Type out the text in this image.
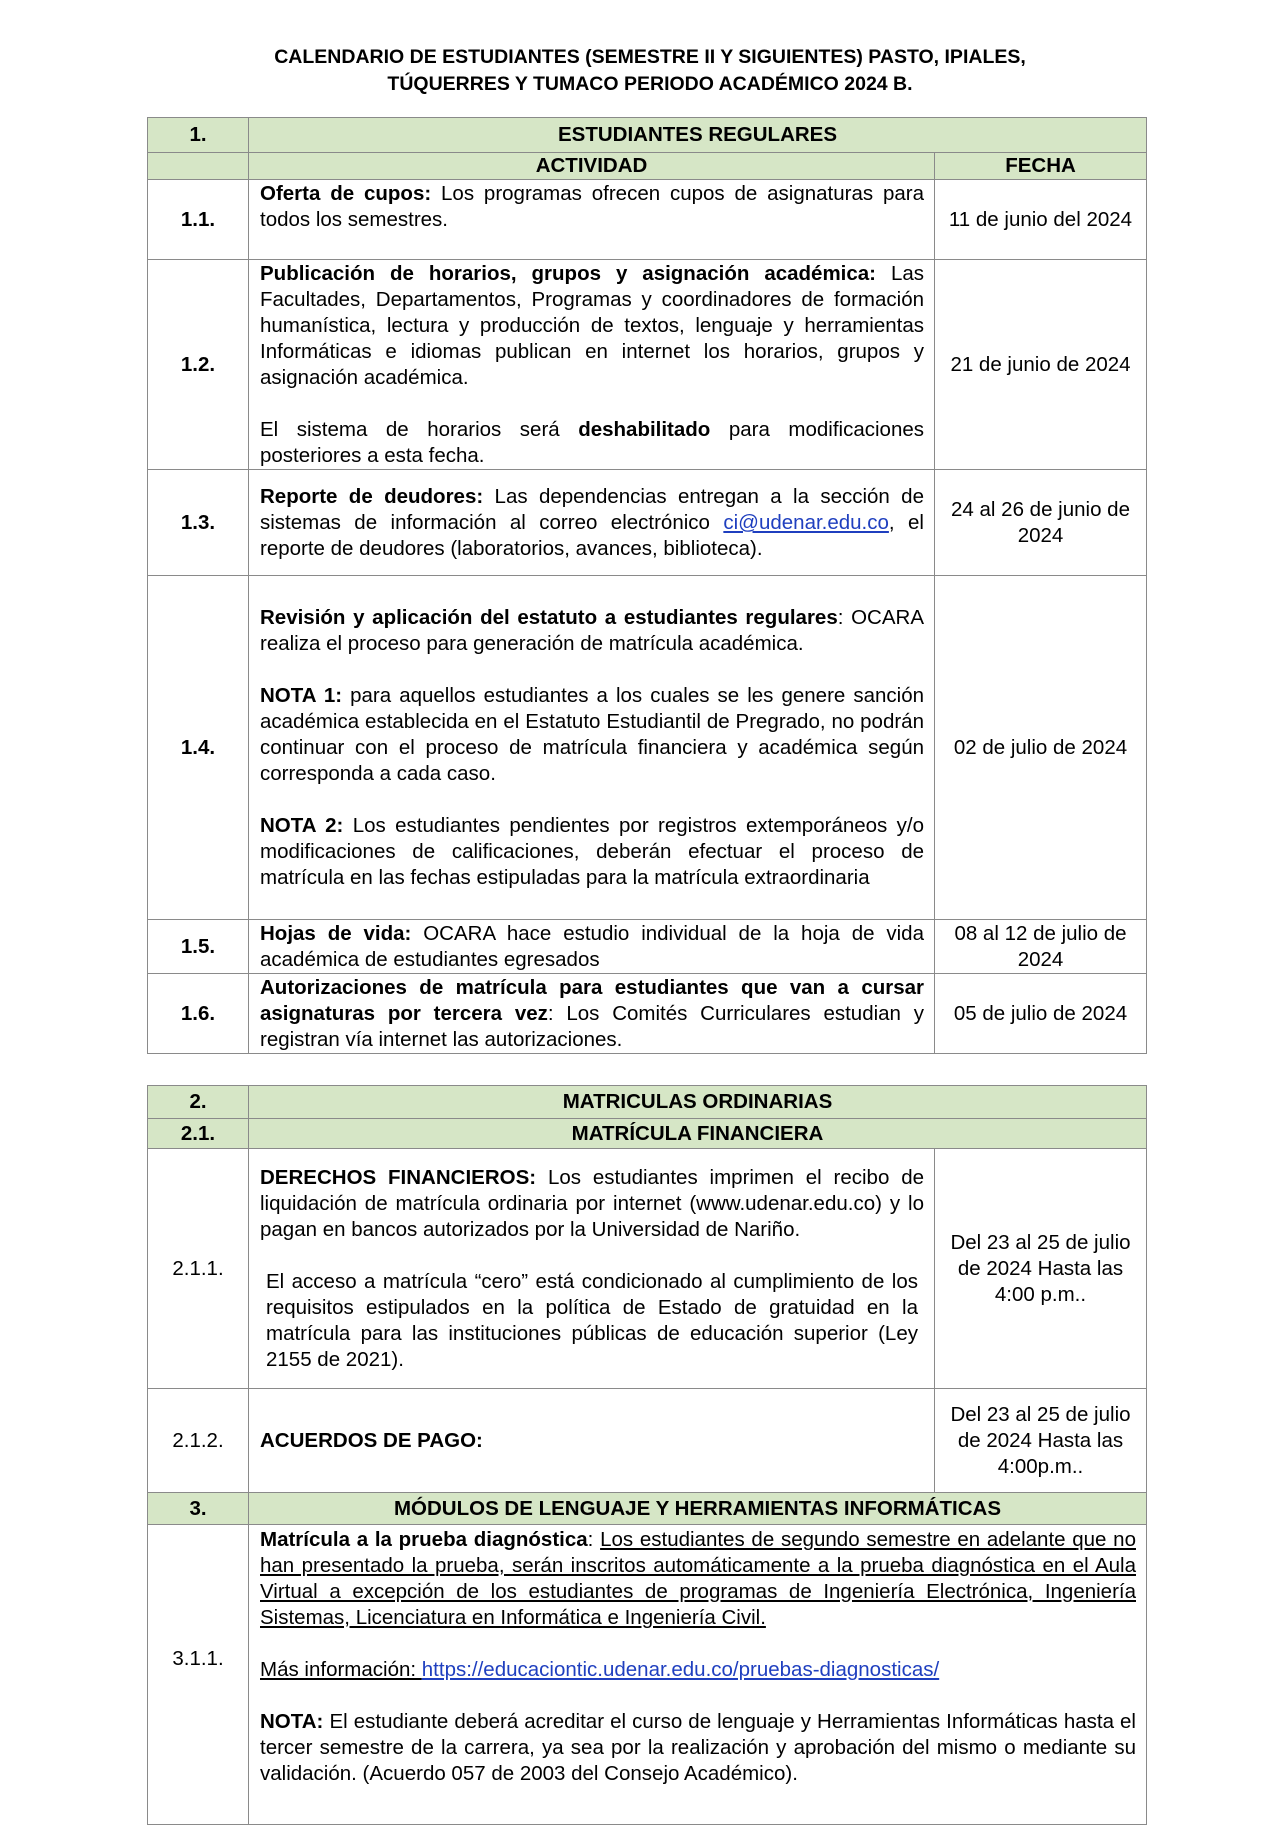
CALENDARIO DE ESTUDIANTES (SEMESTRE II Y SIGUIENTES) PASTO, IPIALES,
TÚQUERRES Y TUMACO PERIODO ACADÉMICO 2024 B.
1.	ESTUDIANTES REGULARES	
	ACTIVIDAD	FECHA
1.1.	Oferta de cupos: Los programas ofrecen cupos de asignaturas para todos los semestres.	11 de junio del 2024
1.2.	Publicación de horarios, grupos y asignación académica: Las Facultades, Departamentos, Programas y coordinadores de formación humanística, lectura y producción de textos, lenguaje y herramientas Informáticas e idiomas publican en internet los horarios, grupos y asignación académica.

El sistema de horarios será deshabilitado para modificaciones posteriores a esta fecha.	21 de junio de 2024
1.3.	Reporte de deudores: Las dependencias entregan a la sección de sistemas de información al correo electrónico ci@udenar.edu.co, el reporte de deudores (laboratorios, avances, biblioteca).	24 al 26 de junio de 2024
1.4.	Revisión y aplicación del estatuto a estudiantes regulares: OCARA realiza el proceso para generación de matrícula académica.

NOTA 1: para aquellos estudiantes a los cuales se les genere sanción académica establecida en el Estatuto Estudiantil de Pregrado, no podrán continuar con el proceso de matrícula financiera y académica según corresponda a cada caso.

NOTA 2: Los estudiantes pendientes por registros extemporáneos y/o modificaciones de calificaciones, deberán efectuar el proceso de matrícula en las fechas estipuladas para la matrícula extraordinaria	02 de julio de 2024
1.5.	Hojas de vida: OCARA hace estudio individual de la hoja de vida académica de estudiantes egresados	08 al 12 de julio de 2024
1.6.	Autorizaciones de matrícula para estudiantes que van a cursar asignaturas por tercera vez: Los Comités Curriculares estudian y registran vía internet las autorizaciones.	05 de julio de 2024
2.	MATRICULAS ORDINARIAS	
2.1.	MATRÍCULA FINANCIERA	
2.1.1.	DERECHOS FINANCIEROS: Los estudiantes imprimen el recibo de liquidación de matrícula ordinaria por internet (www.udenar.edu.co) y lo pagan en bancos autorizados por la Universidad de Nariño.

El acceso a matrícula “cero” está condicionado al cumplimiento de los requisitos estipulados en la política de Estado de gratuidad en la matrícula para las instituciones públicas de educación superior (Ley 2155 de 2021).	Del 23 al 25 de julio de 2024 Hasta las 4:00 p.m..
2.1.2.	ACUERDOS DE PAGO:	Del 23 al 25 de julio de 2024 Hasta las 4:00p.m..
3.	MÓDULOS DE LENGUAJE Y HERRAMIENTAS INFORMÁTICAS	
3.1.1.	Matrícula a la prueba diagnóstica: Los estudiantes de segundo semestre en adelante que no han presentado la prueba, serán inscritos automáticamente a la prueba diagnóstica en el Aula Virtual a excepción de los estudiantes de programas de Ingeniería Electrónica, Ingeniería Sistemas, Licenciatura en Informática e Ingeniería Civil.

Más información: https://educaciontic.udenar.edu.co/pruebas-diagnosticas/

NOTA: El estudiante deberá acreditar el curso de lenguaje y Herramientas Informáticas hasta el tercer semestre de la carrera, ya sea por la realización y aprobación del mismo o mediante su validación. (Acuerdo 057 de 2003 del Consejo Académico).	
